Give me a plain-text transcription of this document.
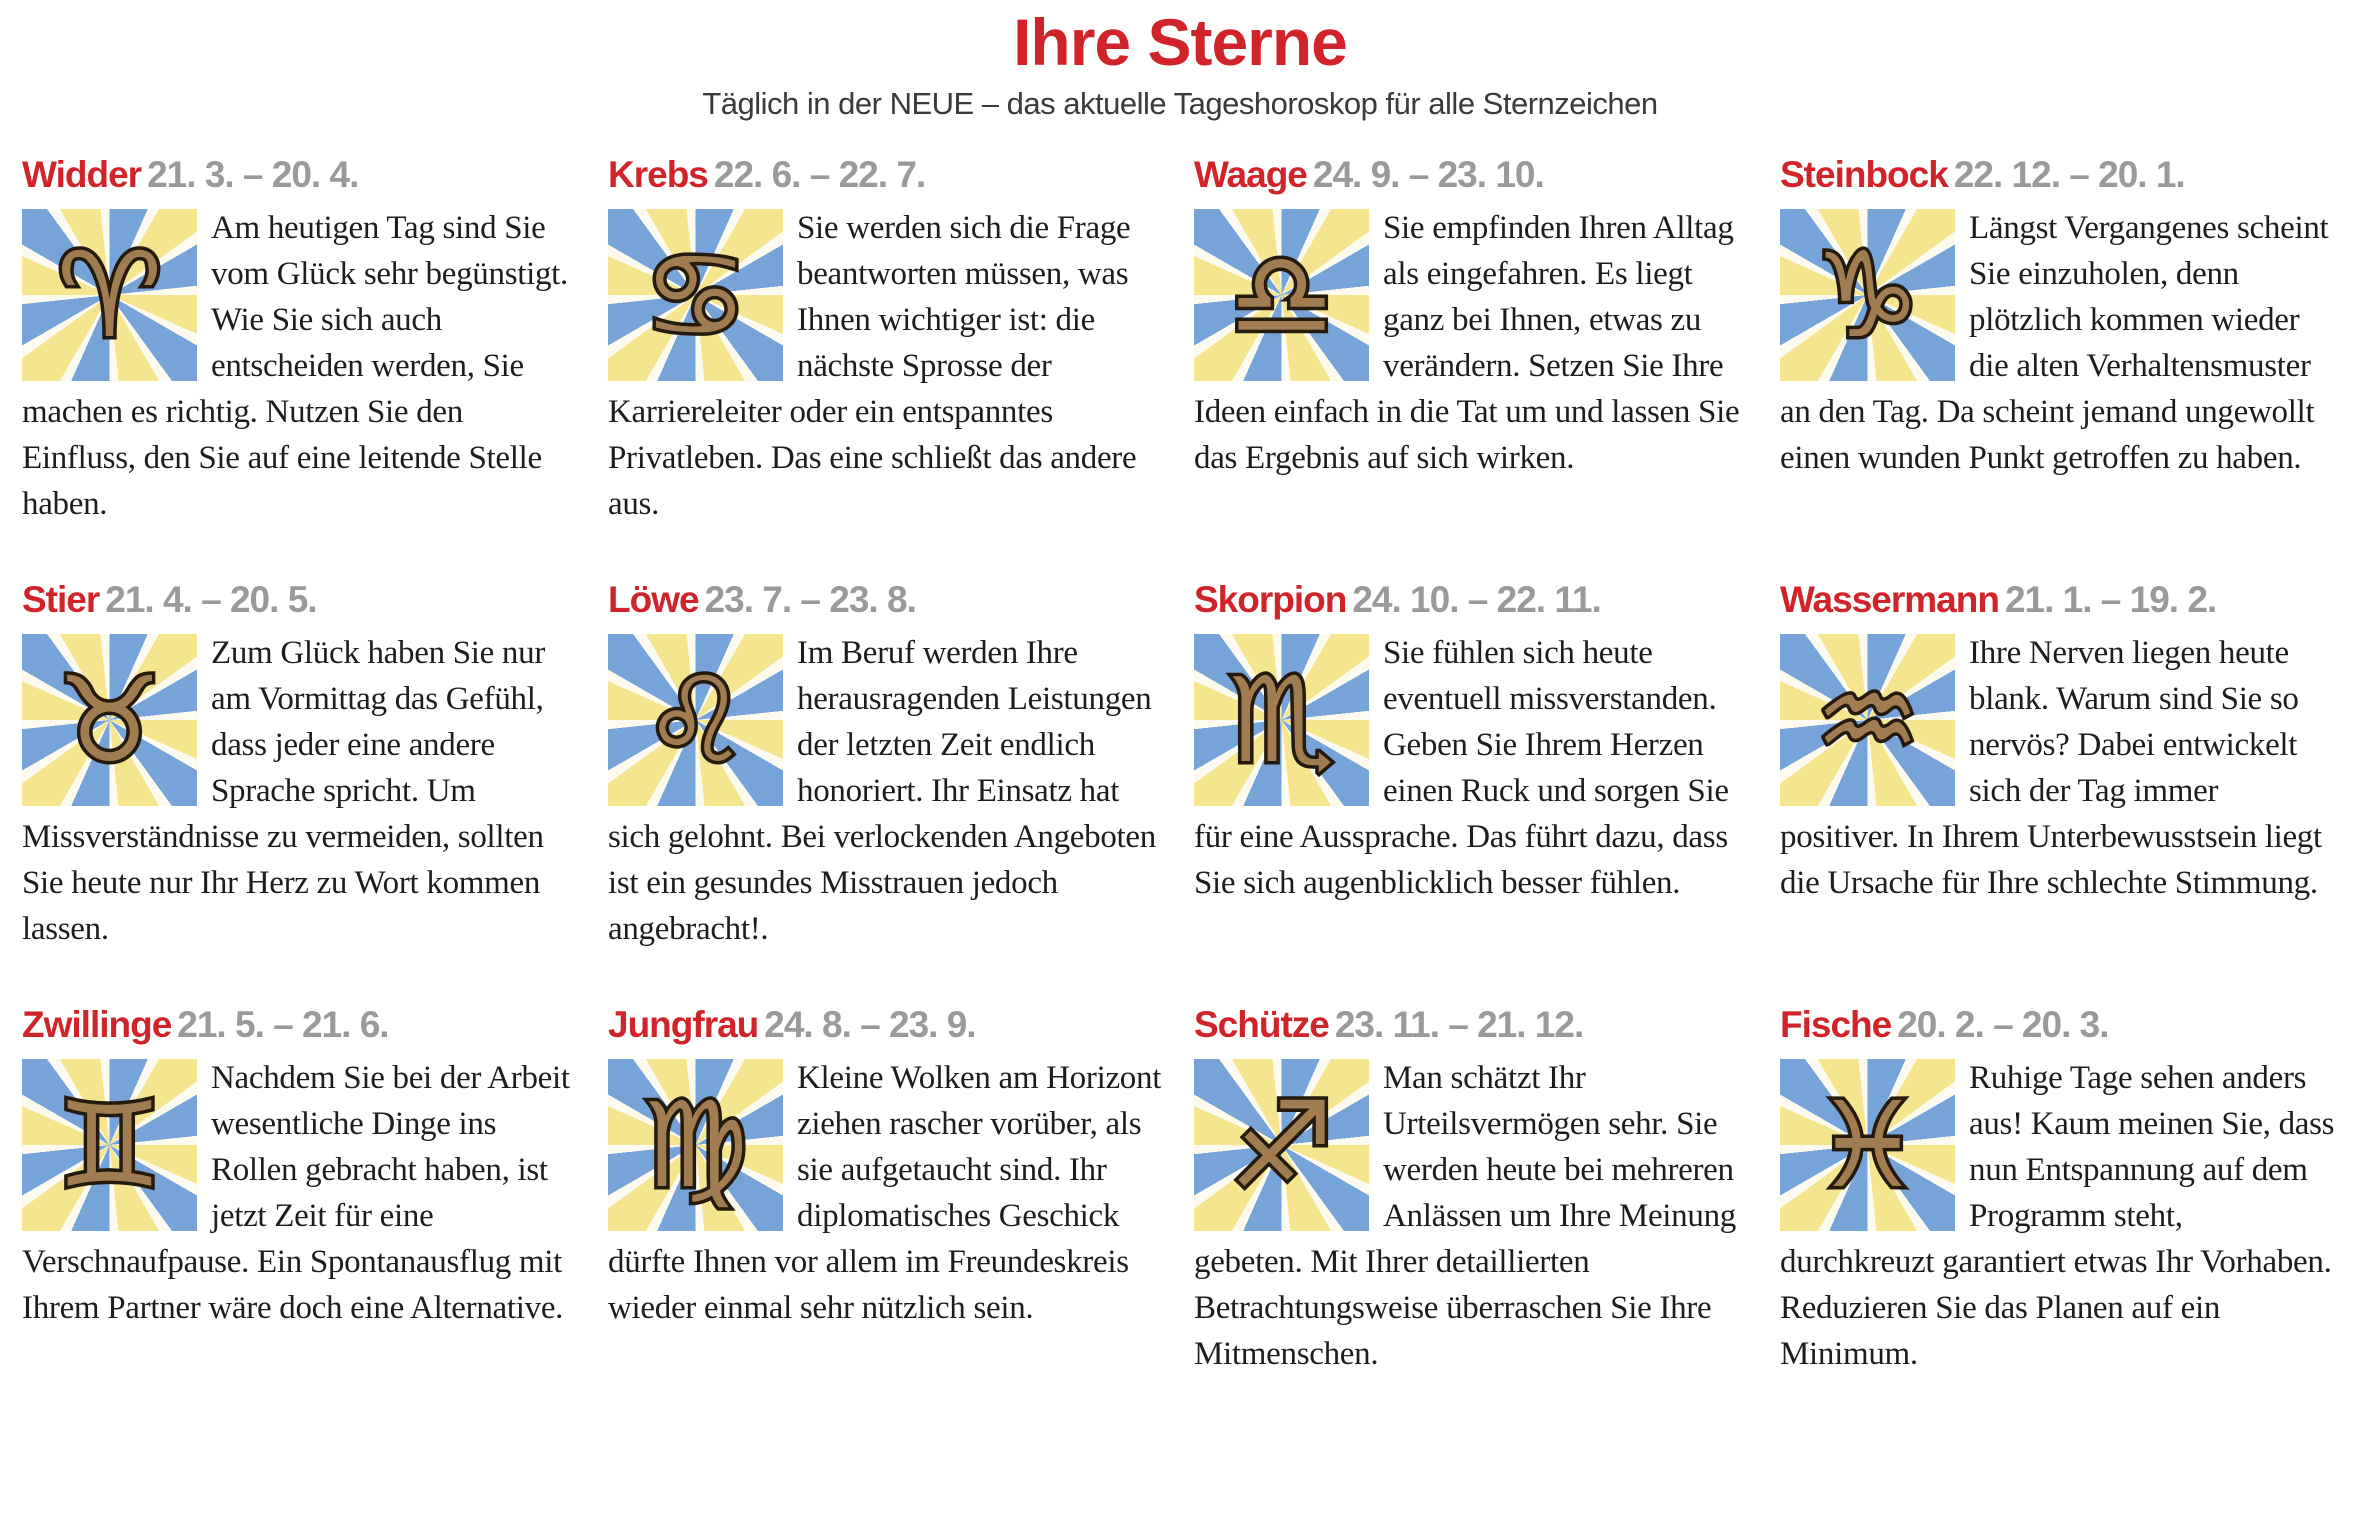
Ihre Sterne

Täglich in der NEUE – das aktuelle Tageshoroskop für alle Sternzeichen

Widder 21. 3. – 20. 4.
♈	Am heutigen Tag sind Sie vom Glück sehr begünstigt. Wie Sie sich auch entscheiden werden, Sie machen es richtig. Nutzen Sie den Einfluss, den Sie auf eine leitende Stelle haben.

Krebs 22. 6. – 22. 7.
♋	Sie werden sich die Frage beantworten müssen, was Ihnen wichtiger ist: die nächste Sprosse der Karriereleiter oder ein entspanntes Privatleben. Das eine schließt das andere aus.

Waage 24. 9. – 23. 10.
♎	Sie empfinden Ihren Alltag als eingefahren. Es liegt ganz bei Ihnen, etwas zu verändern. Setzen Sie Ihre Ideen einfach in die Tat um und lassen Sie das Ergebnis auf sich wirken.

Steinbock 22. 12. – 20. 1.
♑	Längst Vergangenes scheint Sie einzuholen, denn plötzlich kommen wieder die alten Verhaltensmuster an den Tag. Da scheint jemand ungewollt einen wunden Punkt getroffen zu haben.

Stier 21. 4. – 20. 5.
♉	Zum Glück haben Sie nur am Vormittag das Gefühl, dass jeder eine andere Sprache spricht. Um Missverständnisse zu vermeiden, sollten Sie heute nur Ihr Herz zu Wort kommen lassen.

Löwe 23. 7. – 23. 8.
♌	Im Beruf werden Ihre herausragenden Leistungen der letzten Zeit endlich honoriert. Ihr Einsatz hat sich gelohnt. Bei verlockenden Angeboten ist ein gesundes Misstrauen jedoch angebracht!.

Skorpion 24. 10. – 22. 11.
♏	Sie fühlen sich heute eventuell missverstanden. Geben Sie Ihrem Herzen einen Ruck und sorgen Sie für eine Aussprache. Das führt dazu, dass Sie sich augenblicklich besser fühlen.

Wassermann 21. 1. – 19. 2.
♒	Ihre Nerven liegen heute blank. Warum sind Sie so nervös? Dabei entwickelt sich der Tag immer positiver. In Ihrem Unterbewusstsein liegt die Ursache für Ihre schlechte Stimmung.

Zwillinge 21. 5. – 21. 6.
♊	Nachdem Sie bei der Arbeit wesentliche Dinge ins Rollen gebracht haben, ist jetzt Zeit für eine Verschnaufpause. Ein Spontanausflug mit Ihrem Partner wäre doch eine Alternative.

Jungfrau 24. 8. – 23. 9.
♍	Kleine Wolken am Horizont ziehen rascher vorüber, als sie aufgetaucht sind. Ihr diplomatisches Geschick dürfte Ihnen vor allem im Freundeskreis wieder einmal sehr nützlich sein.

Schütze 23. 11. – 21. 12.
♐	Man schätzt Ihr Urteilsvermögen sehr. Sie werden heute bei mehreren Anlässen um Ihre Meinung gebeten. Mit Ihrer detaillierten Betrachtungsweise überraschen Sie Ihre Mitmenschen.

Fische 20. 2. – 20. 3.
♓	Ruhige Tage sehen anders aus! Kaum meinen Sie, dass nun Entspannung auf dem Programm steht, durchkreuzt garantiert etwas Ihr Vorhaben. Reduzieren Sie das Planen auf ein Minimum.
